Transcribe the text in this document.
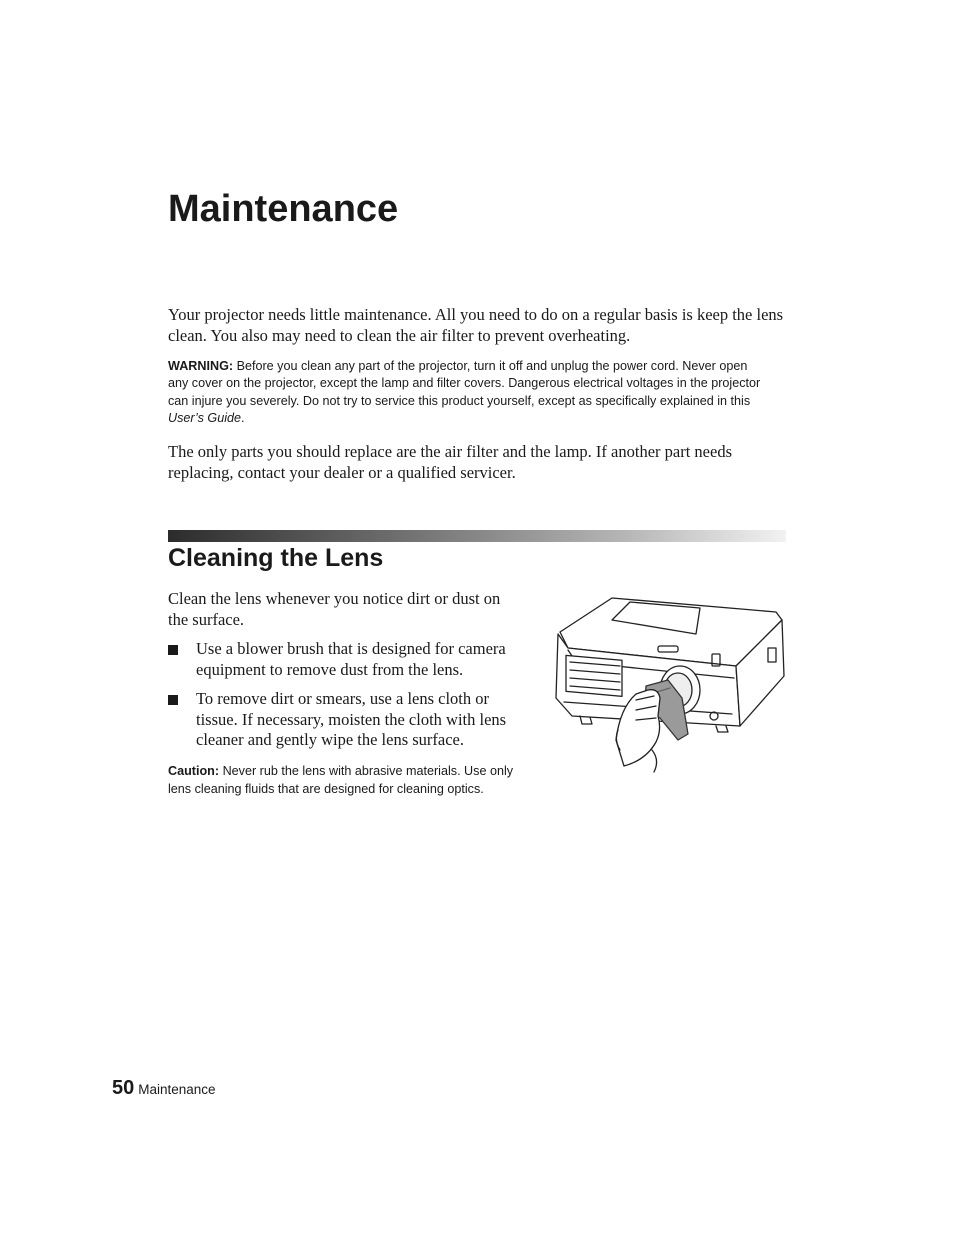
Maintenance

Your projector needs little maintenance. All you need to do on a regular basis is keep the lens clean. You also may need to clean the air filter to prevent overheating.

WARNING: Before you clean any part of the projector, turn it off and unplug the power cord. Never open any cover on the projector, except the lamp and filter covers. Dangerous electrical voltages in the projector can injure you severely. Do not try to service this product yourself, except as specifically explained in this User’s Guide.

The only parts you should replace are the air filter and the lamp. If another part needs replacing, contact your dealer or a qualified servicer.

Cleaning the Lens

Clean the lens whenever you notice dirt or dust on the surface.

Use a blower brush that is designed for camera equipment to remove dust from the lens.
To remove dirt or smears, use a lens cloth or tissue. If necessary, moisten the cloth with lens cleaner and gently wipe the lens surface.

Caution: Never rub the lens with abrasive materials. Use only lens cleaning fluids that are designed for cleaning optics.

50 Maintenance
